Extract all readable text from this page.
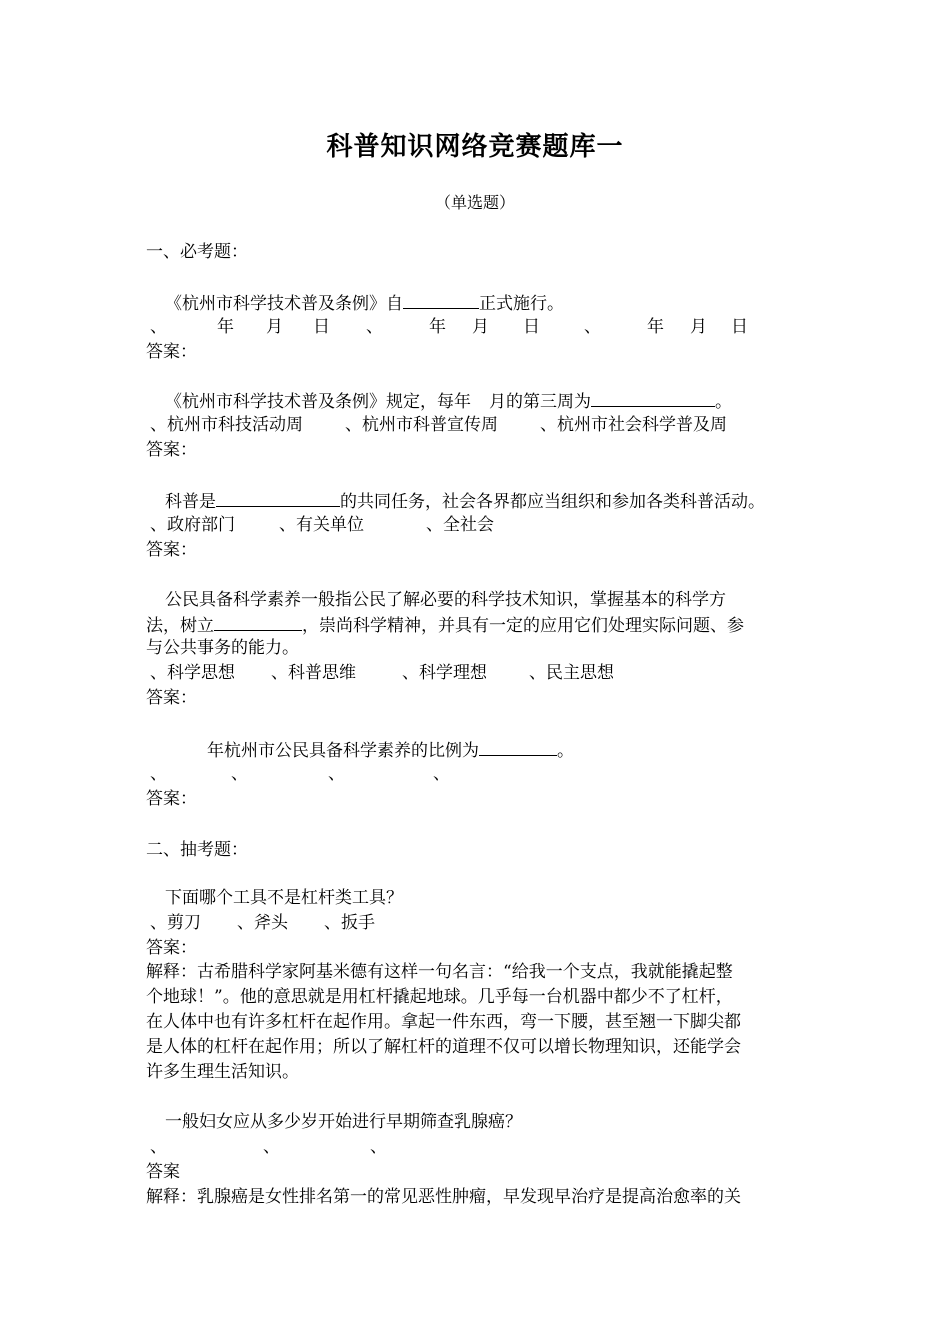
科普知识网络竞赛题库一
（单选题）
一、必考题：
《杭州市科学技术普及条例》自	正式施行。
、	年 月 日 、	年 月 日	、	年 月 日
答案：
《杭州市科学技术普及条例》规定，每年 月的第三周为	。
、杭州市科技活动周 、杭州市科普宣传周 、杭州市社会科学普及周
答案：
科普是	的共同任务，社会各界都应当组织和参加各类科普活动。
、政府部门	、有关单位	、全社会
答案：
公民具备科学素养一般指公民了解必要的科学技术知识，掌握基本的科学方
法，树立	，崇尚科学精神，并具有一定的应用它们处理实际问题、参
与公共事务的能力。
、科学思想 、科普思维	、科学理想 、民主思想
答案：
年杭州市公民具备科学素养的比例为	。
、	、	、	、
答案：
二、抽考题：
下面哪个工具不是杠杆类工具？
、剪刀 、斧头 、扳手
答案：
解释：古希腊科学家阿基米德有这样一句名言：“给我一个支点，我就能撬起整
个地球！”。他的意思就是用杠杆撬起地球。几乎每一台机器中都少不了杠杆，
在人体中也有许多杠杆在起作用。拿起一件东西，弯一下腰，甚至翘一下脚尖都
是人体的杠杆在起作用；所以了解杠杆的道理不仅可以增长物理知识，还能学会
许多生理生活知识。
一般妇女应从多少岁开始进行早期筛查乳腺癌？
、	、	、
答案
解释：乳腺癌是女性排名第一的常见恶性肿瘤，早发现早治疗是提高治愈率的关
